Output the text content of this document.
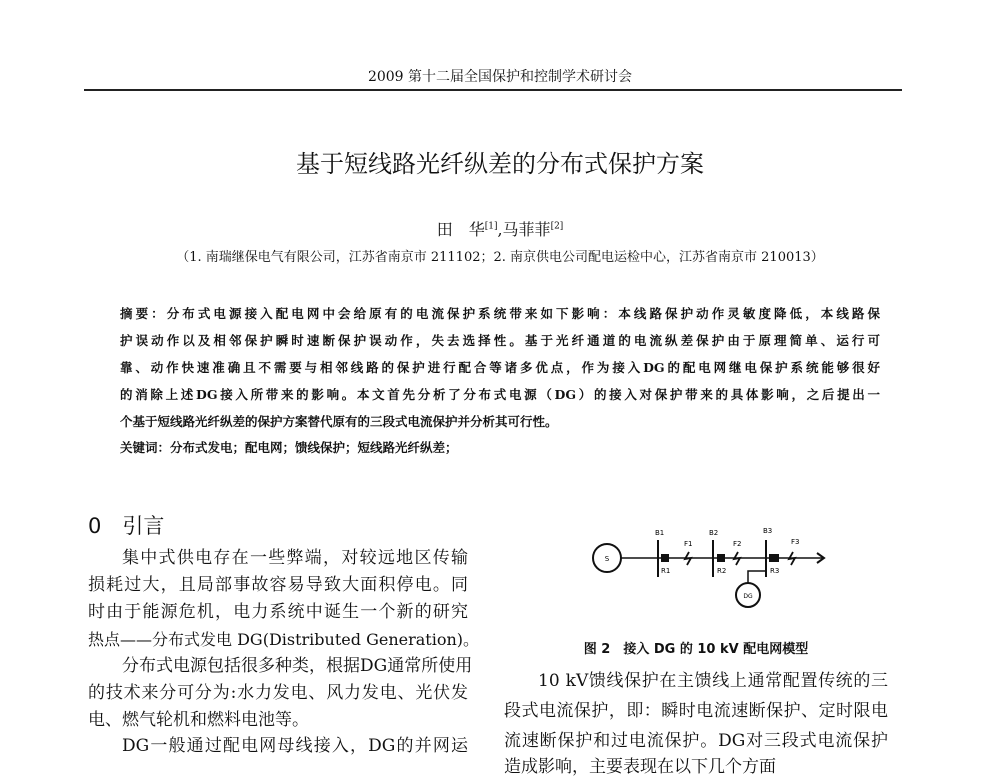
2009 第十二届全国保护和控制学术研讨会
基于短线路光纤纵差的分布式保护方案
田　华[1],马菲菲[2]
（1. 南瑞继保电气有限公司，江苏省南京市 211102；2. 南京供电公司配电运检中心，江苏省南京市 210013）
摘要：分布式电源接入配电网中会给原有的电流保护系统带来如下影响：本线路保护动作灵敏度降低，本线路保
护误动作以及相邻保护瞬时速断保护误动作，失去选择性。基于光纤通道的电流纵差保护由于原理简单、运行可
靠、动作快速准确且不需要与相邻线路的保护进行配合等诸多优点，作为接入DG的配电网继电保护系统能够很好
的消除上述DG接入所带来的影响。本文首先分析了分布式电源（DG）的接入对保护带来的具体影响，之后提出一
个基于短线路光纤纵差的保护方案替代原有的三段式电流保护并分析其可行性。
关键词：分布式发电；配电网；馈线保护；短线路光纤纵差；
0　引言
集中式供电存在一些弊端，对较远地区传输
损耗过大，且局部事故容易导致大面积停电。同
时由于能源危机，电力系统中诞生一个新的研究
热点——分布式发电 DG(Distributed Generation)。
分布式电源包括很多种类，根据DG通常所使用
的技术来分可分为:水力发电、风力发电、光伏发
电、燃气轮机和燃料电池等。
DG一般通过配电网母线接入，DG的并网运
S
DG
B1	B2	B3
F1	F2	F3
R1	R2	R3
图 2　接入 DG 的 10 kV 配电网模型
10 kV馈线保护在主馈线上通常配置传统的三
段式电流保护，即：瞬时电流速断保护、定时限电
流速断保护和过电流保护。DG对三段式电流保护
造成影响，主要表现在以下几个方面
